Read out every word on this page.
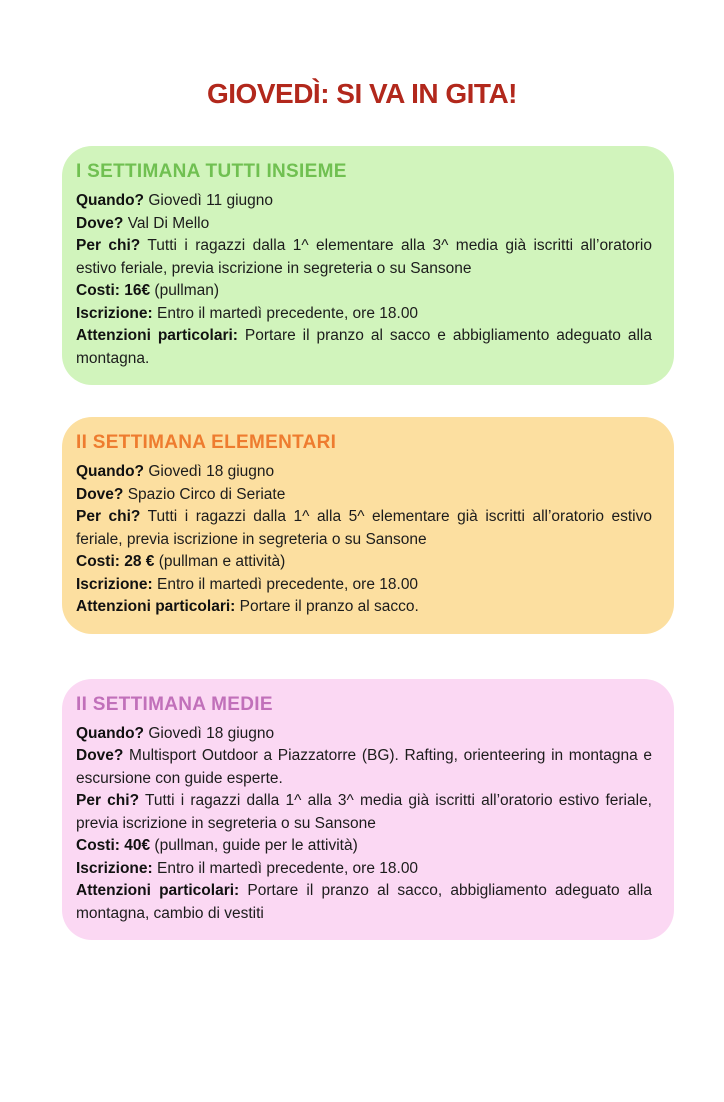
GIOVEDÌ: SI VA IN GITA!
I SETTIMANA TUTTI INSIEME

Quando? Giovedì 11 giugno

Dove? Val Di Mello

Per chi? Tutti i ragazzi dalla 1^ elementare alla 3^ media già iscritti all’oratorio estivo feriale, previa iscrizione in segreteria o su Sansone

Costi: 16€ (pullman)

Iscrizione: Entro il martedì precedente, ore 18.00

Attenzioni particolari: Portare il pranzo al sacco e abbigliamento adeguato alla montagna.

II SETTIMANA ELEMENTARI

Quando? Giovedì 18 giugno

Dove? Spazio Circo di Seriate

Per chi? Tutti i ragazzi dalla 1^ alla 5^ elementare già iscritti all’oratorio estivo feriale, previa iscrizione in segreteria o su Sansone

Costi: 28 € (pullman e attività)

Iscrizione: Entro il martedì precedente, ore 18.00

Attenzioni particolari: Portare il pranzo al sacco.

II SETTIMANA MEDIE

Quando? Giovedì 18 giugno

Dove? Multisport Outdoor a Piazzatorre (BG). Rafting, orienteering in montagna e escursione con guide esperte.

Per chi? Tutti i ragazzi dalla 1^ alla 3^ media già iscritti all’oratorio estivo feriale, previa iscrizione in segreteria o su Sansone

Costi: 40€ (pullman, guide per le attività)

Iscrizione: Entro il martedì precedente, ore 18.00

Attenzioni particolari: Portare il pranzo al sacco, abbigliamento adeguato alla montagna, cambio di vestiti
